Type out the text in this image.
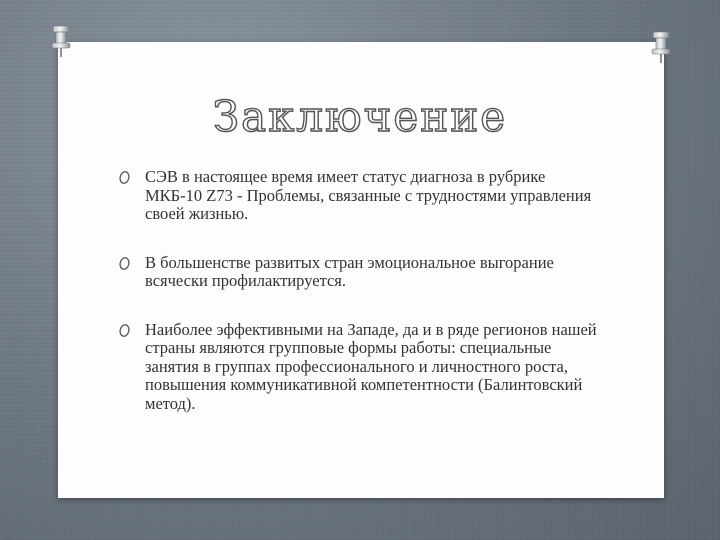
Заключение
СЭВ в настоящее время имеет статус диагноза в рубрике МКБ-10 Z73 - Проблемы, связанные с трудностями управления своей жизнью.
В большенстве развитых стран эмоциональное выгорание всячески профилактируется.
Наиболее эффективными на Западе, да и в ряде регионов нашей страны являются групповые формы работы: специальные занятия в группах профессионального и личностного роста, повышения коммуникативной компетентности (Балинтовский метод).
